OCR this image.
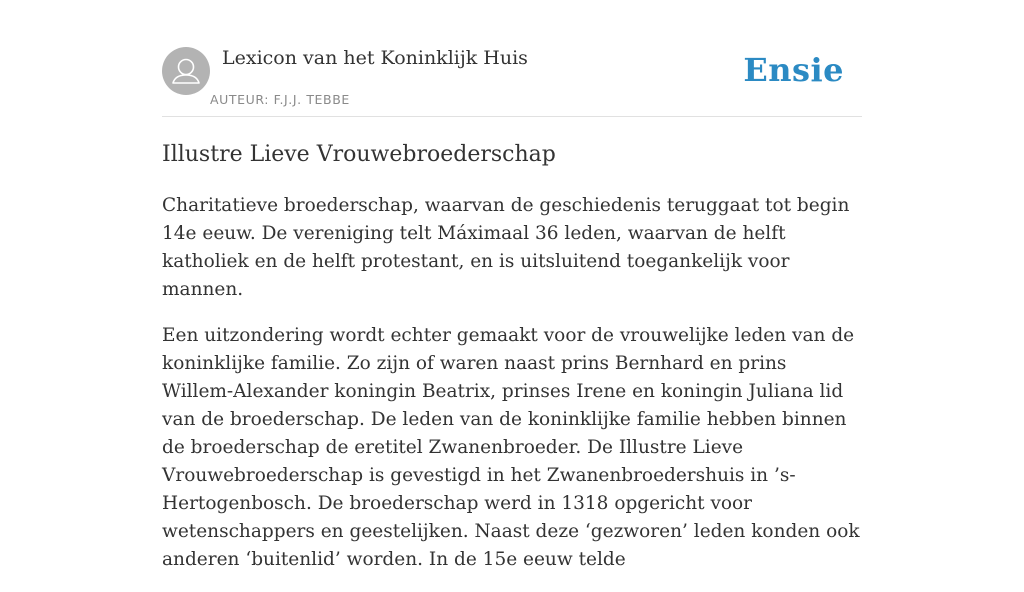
Lexicon van het Koninklijk Huis
AUTEUR: F.J.J. TEBBE
Ensie
Illustre Lieve Vrouwebroederschap

Charitatieve broederschap, waarvan de geschiedenis teruggaat tot begin 14e eeuw. De vereniging telt Máximaal 36 leden, waarvan de helft katholiek en de helft protestant, en is uitsluitend toegankelijk voor mannen.

Een uitzondering wordt echter gemaakt voor de vrouwelijke leden van de koninklijke familie. Zo zijn of waren naast prins Bernhard en prins Willem-Alexander koningin Beatrix, prinses Irene en koningin Juliana lid van de broederschap. De leden van de koninklijke familie hebben binnen de broederschap de eretitel Zwanenbroeder. De Illustre Lieve Vrouwebroederschap is gevestigd in het Zwanenbroedershuis in ’s-Hertogenbosch. De broederschap werd in 1318 opgericht voor wetenschappers en geestelijken. Naast deze ‘gezworen’ leden konden ook anderen ‘buitenlid’ worden. In de 15e eeuw telde
